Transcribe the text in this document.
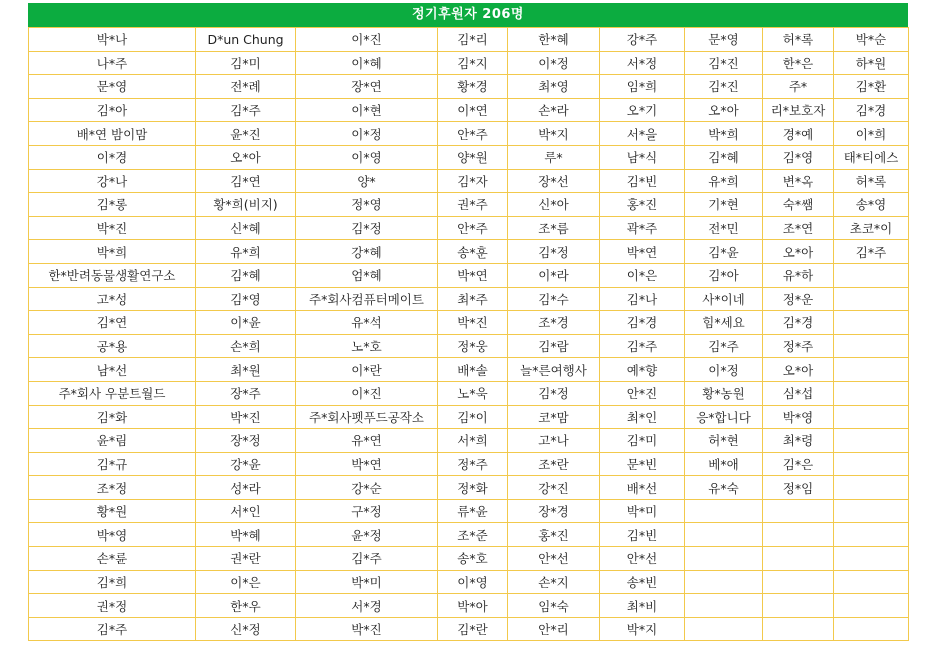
정기후원자 206명
박*나	D*un Chung	이*진	김*리	한*혜	강*주	문*영	허*록	박*순
나*주	김*미	이*혜	김*지	이*정	서*정	김*진	한*은	하*원
문*영	전*례	장*연	황*경	최*영	임*희	김*진	주*	김*환
김*아	김*주	이*현	이*연	손*라	오*기	오*아	리*보호자	김*경
배*연 밤이맘	윤*진	이*정	안*주	박*지	서*을	박*희	경*예	이*희
이*경	오*아	이*영	양*원	루*	남*식	김*혜	김*영	태*티에스
강*나	김*연	양*	김*자	장*선	김*빈	유*희	변*옥	허*록
김*롱	황*희(비지)	정*영	권*주	신*아	홍*진	기*현	숙*쌤	송*영
박*진	신*혜	김*정	안*주	조*름	곽*주	전*민	조*연	초코*이
박*희	유*희	강*혜	송*훈	김*정	박*연	김*윤	오*아	김*주
한*반려동물생활연구소	김*혜	엄*혜	박*연	이*라	이*은	김*아	유*하	
고*성	김*영	주*회사컴퓨터메이트	최*주	김*수	김*나	사*이네	정*운	
김*연	이*윤	유*석	박*진	조*경	김*경	힘*세요	김*경	
공*용	손*희	노*호	정*웅	김*람	김*주	김*주	정*주	
남*선	최*원	이*란	배*솔	늘*른여행사	예*향	이*정	오*아	
주*회사 우분트월드	장*주	이*진	노*욱	김*정	안*진	황*농원	심*섭	
김*화	박*진	주*회사펫푸드공작소	김*이	코*맘	최*인	응*합니다	박*영	
윤*림	장*정	유*연	서*희	고*나	김*미	허*현	최*령	
김*규	강*윤	박*연	정*주	조*란	문*빈	베*애	김*은	
조*정	성*라	강*순	정*화	강*진	배*선	유*숙	정*임	
황*원	서*인	구*정	류*윤	장*경	박*미			
박*영	박*혜	윤*정	조*준	홍*진	김*빈			
손*륜	권*란	김*주	송*호	안*선	안*선			
김*희	이*은	박*미	이*영	손*지	송*빈			
권*정	한*우	서*경	박*아	임*숙	최*비			
김*주	신*정	박*진	김*란	안*리	박*지			
